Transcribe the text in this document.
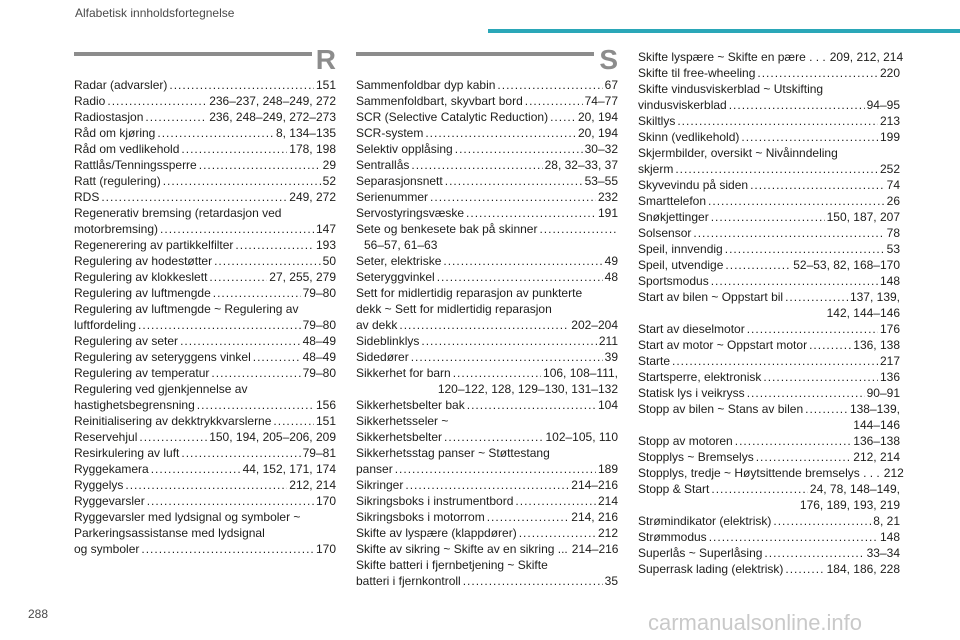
Alfabetisk innholdsfortegnelse
R
Radar (advarsler) .....	151
Radio .....	236–237, 248–249, 272
Radiostasjon .....	236, 248–249, 272–273
Råd om kjøring .....	8, 134–135
Råd om vedlikehold .....	178, 198
Rattlås/Tenningssperre .....	29
Ratt (regulering) .....	52
RDS .....	249, 272
Regenerativ bremsing (retardasjon ved
motorbremsing) .....	147
Regenerering av partikkelfilter .....	193
Regulering av hodestøtter .....	50
Regulering av klokkeslett .....	27, 255, 279
Regulering av luftmengde .....	79–80
Regulering av luftmengde ~ Regulering av
luftfordeling .....	79–80
Regulering av seter .....	48–49
Regulering av seteryggens vinkel .....	48–49
Regulering av temperatur .....	79–80
Regulering ved gjenkjennelse av
hastighetsbegrensning .....	156
Reinitialisering av dekktrykkvarslerne .....	151
Reservehjul .....	150, 194, 205–206, 209
Resirkulering av luft .....	79–81
Ryggekamera .....	44, 152, 171, 174
Ryggelys .....	212, 214
Ryggevarsler .....	170
Ryggevarsler med lydsignal og symboler ~
Parkeringsassistanse med lydsignal
og symboler .....	170
S
Sammenfoldbar dyp kabin .....	67
Sammenfoldbart, skyvbart bord .....	74–77
SCR (Selective Catalytic Reduction) ..... 20, 194
SCR-system .....	20, 194
Selektiv opplåsing .....	30–32
Sentrallås .....	28, 32–33, 37
Separasjonsnett .....	53–55
Serienummer .....	232
Servostyringsvæske .....	191
Sete og benkesete bak på skinner
.....
56–57, 61–63
Seter, elektriske .....	49
Seteryggvinkel .....	48
Sett for midlertidig reparasjon av punkterte
dekk ~ Sett for midlertidig reparasjon
av dekk .....	202–204
Sideblinklys .....	211
Sidedører .....	39
Sikkerhet for barn .....	106, 108–111,
120–122, 128, 129–130, 131–132
Sikkerhetsbelter bak .....	104
Sikkerhetsseler ~
Sikkerhetsbelter .....	102–105, 110
Sikkerhetsstag panser ~ Støttestang
panser .....	189
Sikringer .....	214–216
Sikringsboks i instrumentbord .....	214
Sikringsboks i motorrom .....	214, 216
Skifte av lyspære (klappdører) .....	212
Skifte av sikring ~ Skifte av en sikring ... 214–216
Skifte batteri i fjernbetjening ~ Skifte
batteri i fjernkontroll .....	35
Skifte lyspære ~ Skifte en pære . . . 209, 212, 214
Skifte til free-wheeling .....	220
Skifte vindusviskerblad ~ Utskifting
vindusviskerblad .....	94–95
Skiltlys .....	213
Skinn (vedlikehold) .....	199
Skjermbilder, oversikt ~ Nivåinndeling
skjerm .....	252
Skyvevindu på siden .....	74
Smarttelefon .....	26
Snøkjettinger .....	150, 187, 207
Solsensor .....	78
Speil, innvendig .....	53
Speil, utvendige .....	52–53, 82, 168–170
Sportsmodus .....	148
Start av bilen ~ Oppstart bil .....	137, 139,
142, 144–146
Start av dieselmotor .....	176
Start av motor ~ Oppstart motor .....	136, 138
Starte .....	217
Startsperre, elektronisk .....	136
Statisk lys i veikryss .....	90–91
Stopp av bilen ~ Stans av bilen .....	138–139,
144–146
Stopp av motoren .....	136–138
Stopplys ~ Bremselys .....	212, 214
Stopplys, tredje ~ Høytsittende bremselys . . . 212
Stopp & Start .....	24, 78, 148–149,
176, 189, 193, 219
Strømindikator (elektrisk) .....	8, 21
Strømmodus .....	148
Superlås ~ Superlåsing .....	33–34
Superrask lading (elektrisk) .....	184, 186, 228
288	carmanualsonline.info
